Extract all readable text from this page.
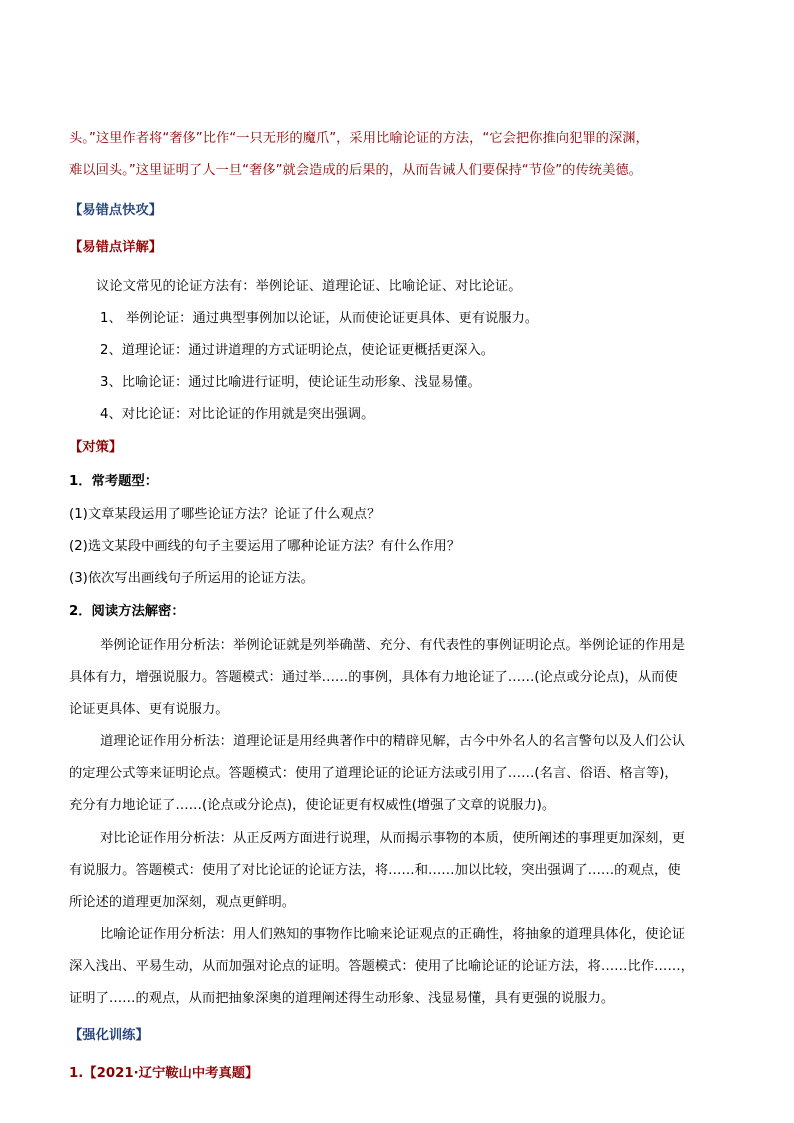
头。”这里作者将“奢侈”比作“一只无形的魔爪”，采用比喻论证的方法，“它会把你推向犯罪的深渊，
难以回头。”这里证明了人一旦“奢侈”就会造成的后果的，从而告诫人们要保持“节俭”的传统美德。
【易错点快攻】
【易错点详解】
议论文常见的论证方法有：举例论证、道理论证、比喻论证、对比论证。
1、 举例论证：通过典型事例加以论证，从而使论证更具体、更有说服力。
2、道理论证：通过讲道理的方式证明论点，使论证更概括更深入。
3、比喻论证：通过比喻进行证明，使论证生动形象、浅显易懂。
4、对比论证：对比论证的作用就是突出强调。
【对策】
1．常考题型：
(1)文章某段运用了哪些论证方法？论证了什么观点？
(2)选文某段中画线的句子主要运用了哪种论证方法？有什么作用？
(3)依次写出画线句子所运用的论证方法。
2．阅读方法解密：
举例论证作用分析法：举例论证就是列举确凿、充分、有代表性的事例证明论点。举例论证的作用是
具体有力，增强说服力。答题模式：通过举……的事例，具体有力地论证了……(论点或分论点)，从而使
论证更具体、更有说服力。
道理论证作用分析法：道理论证是用经典著作中的精辟见解，古今中外名人的名言警句以及人们公认
的定理公式等来证明论点。答题模式：使用了道理论证的论证方法或引用了……(名言、俗语、格言等)，
充分有力地论证了……(论点或分论点)，使论证更有权威性(增强了文章的说服力)。
对比论证作用分析法：从正反两方面进行说理，从而揭示事物的本质，使所阐述的事理更加深刻，更
有说服力。答题模式：使用了对比论证的论证方法，将……和……加以比较，突出强调了……的观点，使
所论述的道理更加深刻，观点更鲜明。
比喻论证作用分析法：用人们熟知的事物作比喻来论证观点的正确性，将抽象的道理具体化，使论证
深入浅出、平易生动，从而加强对论点的证明。答题模式：使用了比喻论证的论证方法，将……比作……，
证明了……的观点，从而把抽象深奥的道理阐述得生动形象、浅显易懂，具有更强的说服力。
【强化训练】
1.【2021·辽宁鞍山中考真题】
